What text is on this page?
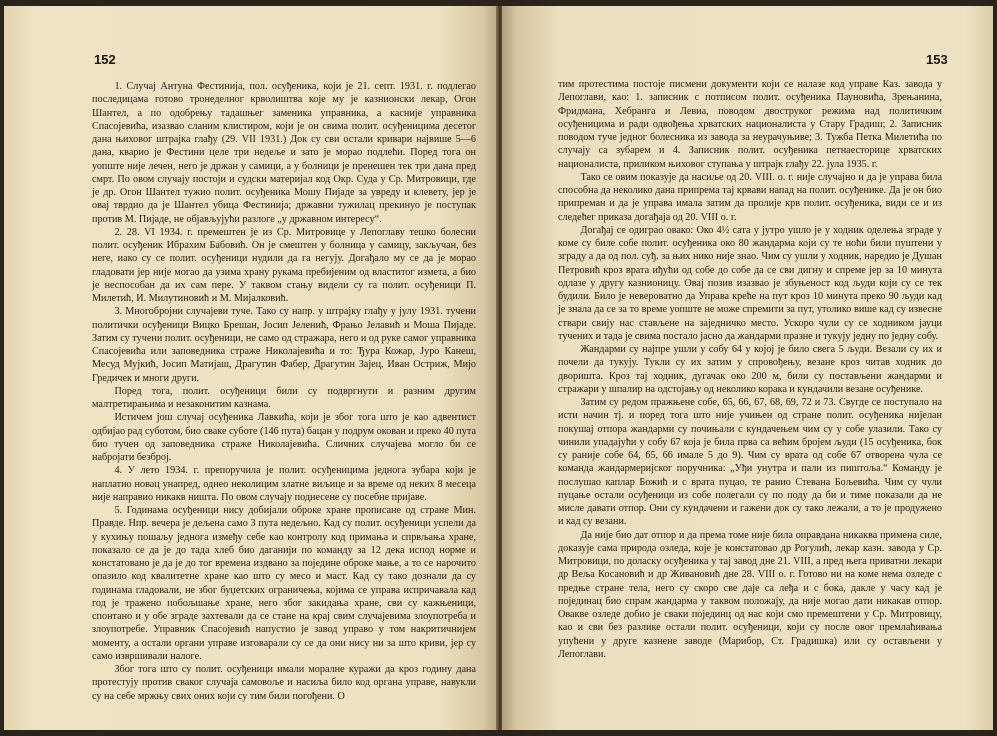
152

1. Случај Антуна Фестиниja, пол. осуђеника, који је 21. септ. 1931. г. подлегао последицама готово тронеделног крволиштва које му је казнионски лекар, Огон Шантел, а по одобрењу тадашњег заменика управника, а касније управника Спасојевића, изазвао сланим клистиром, који је он свима полит. осуђеницима десетог дана њиховог штрајка глађу (29. VII 1931.) Док су сви остали кривари највише 5—6 дана, кварио је Фестини целе три недеље и зато је морао подлећи. Поред тога он уопште није лечен, него је држан у самици, а у болници је пренешен тек три дана пред смрт. По овом случају постоји и судски материјал код Окр. Суда у Ср. Митровици, где је др. Огон Шантел тужио полит. осуђеника Мошу Пијаде за увреду и клевету, јер је овај тврдио да је Шантел убица Фестинија; државни тужилац прекинуо је поступак против М. Пијаде, не објављујући разлоге „у државном интересу“.

2. 28. VI 1934. г. премештен је из Ср. Митровице у Лепоглаву тешко болесни полит. осуђеник Ибрахим Бабовић. Он је смештен у болница у самицу, закључан, без неге, иако су се полит. осуђеници нудили да га негују. Догађало му се да је морао гладовати јер није могао да узима храну рукама пребијеним од властитог измета, а био је неспособан да их сам пере. У таквом стању видели су га полит. осуђеници П. Милетић, И. Милутиновић и М. Мијалковић.

3. Многобројни случајеви туче. Тако су напр. у штрајку глађу у јулу 1931. тучени политички осуђеници Вицко Брешан, Јосип Јеленић, Фрањо Јелавић и Моша Пијаде. Затим су тучени полит. осуђеници, не само од стражара, него и од руке самог управника Спасојевића или заповедника страже Николајевића и то: Ђура Кожар, Јуро Канеш, Месуд Мујкић, Јосип Матијаш, Драгутин Фабер, Драгутин Заjeц, Иван Остриж, Мијо Гредичек и многи други.

Поред тога, полит. осуђеници били су подвргнути и разним другим малтретирањима и незаконитим казнама.

Истичем још случај осуђеника Лавкића, који је због тога што је као адвентист одбијао рад суботом, био сваке суботе (146 пута) бацан у подрум окован и преко 40 пута био тучен од заповедника страже Николајевића. Сличних случајева могло би се набројати безброј.

4. У лето 1934. г. препоручила је полит. осуђеницима једнога зубара који је наплатио новац унапред, однео неколицим златне виљице и за време од неких 8 месеца није направио никакв ништа. По овом случају поднесене су посебне пријаве.

5. Годинама осуђеници нису добијали оброке хране прописане од стране Мин. Правде. Нпр. вечера је дељена само 3 пута недељно. Кад су полит. осуђеници успели да у кухињу пошаљу једнога између себе као контролу код примања и спрвљања хране, показало се да је до тада хлеб био даганији по команду за 12 дека испод норме и констатовано је да је до тог времена издвано за поједине оброке мање, а то се нарочито опазило код квалитетне хране као што су месо и маст. Кад су тако дознали да су годинама гладовали, не због буџетских ограничења, којима се управа испричавала кад год је тражено побољшање хране, него због закидања хране, сви су кажњеници, спонтано и у обе зграде захтевали да се стане на крај свим случајевима злоупотреба и злоупотребе. Управник Спасојевић напустио је завод управо у том накритичнијем моменту, а остали органи управе изговарали су се да они нису ни за што криви, јер су само извршивали налоге.

Због тога што су полит. осуђеници имали моралне куражи да кроз годину дана протестују против сваког случаја самовоље и насиља било код органа управе, навукли су на себе мржњу свих оних који су тим били погођени. О

153

тим протестима постоје писмени документи који се налазе код управе Каз. завода у Лепоглави, као: 1. записник с потписом полит. осуђеника Пауновића, Зрењанина, Фридмана, Хебранга и Левиа, поводом двоструког режима над политичким осуђеницима и ради одвођења хрватских националиста у Стару Градиш; 2. Записник поводом туче једног болесника из завода за неурачуњиве; 3. Тужба Петка Милетића по случају са зубарем и 4. Записник полит. осуђеника петнаесторице хрватских националиста, приликом њиховог ступања у штрајк глађу 22. јула 1935. г.

Тако се овим показује да насиље од 20. VIII. о. г. није случајно и да је управа била способна да неколико дана припрема тај крвави напад на полит. осуђенике. Да је он био припреман и да је управа имала затим да пролије крв полит. осуђеника, види се и из следећег приказа догађаја од 20. VIII о. г.

Догађај се одиграо овако: Око 4½ сата у јутро ушло је у ходник оделења зграде у коме су биле собе полит. осуђеника око 80 жандарма који су те ноћи били пуштени у зграду а да од пол. суђ. за њих нико није знао. Чим су ушли у ходник, наредио је Душан Петровић кроз врата иђући од собе до собе да се сви дигну и спреме јер за 10 минута одлазе у другу казнионицу. Овај позив изазвао је збуњеност код људи који су се тек будили. Било је невероватно да Управа креће на пут кроз 10 минута преко 90 људи кад је знала да се за то време уопште не може спремити за пут, утолико више кад су извесне ствари свију нас стављене на заједничко место. Ускоро чули су се ходником јауци тучених и тада је свима постало јасно да жандарми празне и тукују једну по једну собу.

Жандарми су најпре ушли у собу 64 у којој је било свега 5 људи. Везали су их и почели да тукују. Тукли су их затим у спровођењу, везане кроз читав ходник до дворишта. Кроз тај ходник, дугачак око 200 м, били су постављени жандарми и стражари у шпалир на одстојању од неколико корака и кундачили везане осуђенике.

Затим су редом пражњене собе, 65, 66, 67, 68, 69, 72 и 73. Свугде се поступало на исти начин тј. и поред тога што није учињен од стране полит. осуђеника нијелан покушај отпора жандарми су почињали с кундачењем чим су у собе улазили. Тако су чинили упадајући у собу 67 која је била прва са већим бројем људи (15 осуђеника, бок су раније собе 64, 65, 66 имале 5 до 9). Чим су врата од собе 67 отворена чула се команда жандармеријског поручника: „Уђи унутра и пали из пиштоља.“ Команду је послушао каплар Божић и с врата пуцао, те ранио Стевана Бољевића. Чим су чули пуцање остали осуђеници из собе полегали су по поду да би и тиме показали да не мисле давати отпор. Они су кундачени и гажени док су тако лежали, а то је продужено и кад су везани.

Да није био дат отпор и да према томе није била оправдана никаква примена силе, доказује сама природа озледа, које је констатовао др Рогулић, лекар казн. завода у Ср. Митровици, по доласку осуђеника у тај завод дне 21. VIII, а пред њега приватни лекари др Веља Косановић и др Живановић дне 28. VIII о. г. Готово ни на коме нема озледе с предње стране тела, него су скоро све даје са леђа и с бока, дакле у часу кад је појединац био спрам жандарма у таквом положају, да није могао дати никакав отпор. Овакве озледе добио је сваки појединц од нас који смо премештени у Ср. Митровицу, као и сви без разлике остали полит. осуђеници, који су после овог премлаћивања упућени у друге казнене заводе (Марибор, Ст. Градишка) или су остављени у Лепоглави.
